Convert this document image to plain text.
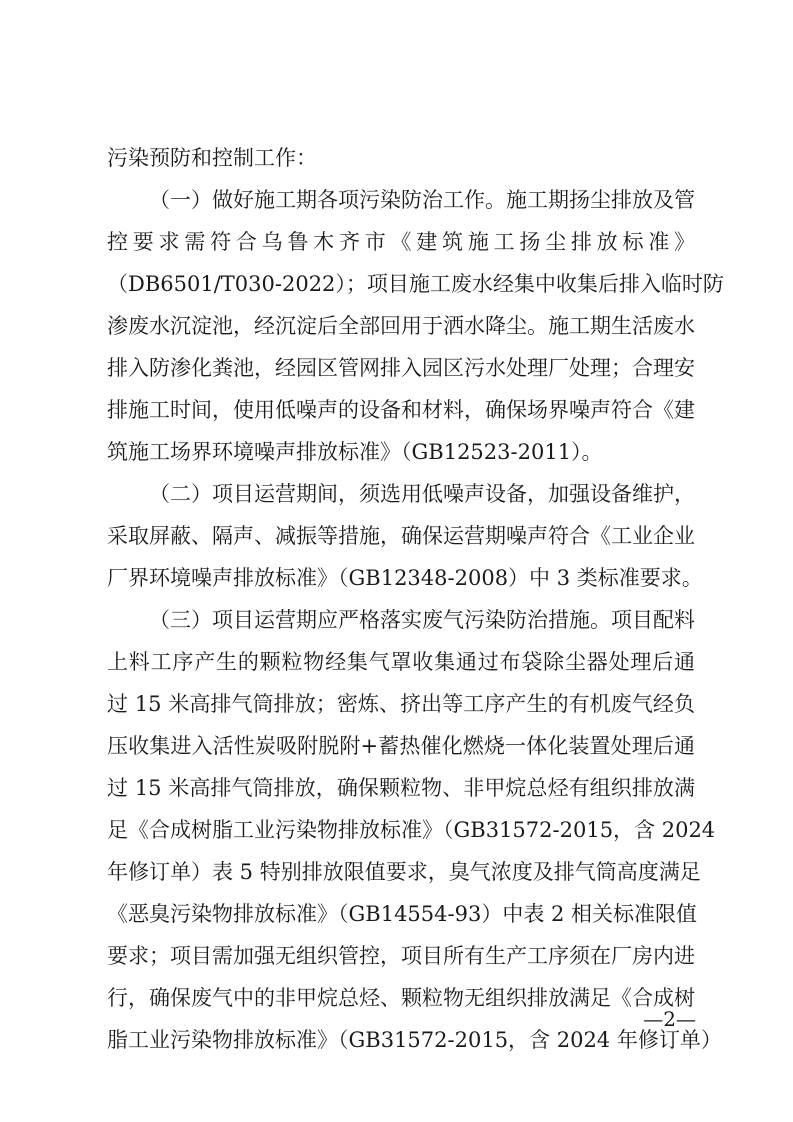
污染预防和控制工作：
（一）做好施工期各项污染防治工作。施工期扬尘排放及管
控要求需符合乌鲁木齐市《建筑施工扬尘排放标准》
（DB6501/T030-2022）；项目施工废水经集中收集后排入临时防
渗废水沉淀池，经沉淀后全部回用于洒水降尘。施工期生活废水
排入防渗化粪池，经园区管网排入园区污水处理厂处理；合理安
排施工时间，使用低噪声的设备和材料，确保场界噪声符合《建
筑施工场界环境噪声排放标准》（GB12523-2011）。
（二）项目运营期间，须选用低噪声设备，加强设备维护，
采取屏蔽、隔声、减振等措施，确保运营期噪声符合《工业企业
厂界环境噪声排放标准》（GB12348-2008）中 3 类标准要求。
（三）项目运营期应严格落实废气污染防治措施。项目配料
上料工序产生的颗粒物经集气罩收集通过布袋除尘器处理后通
过 15 米高排气筒排放；密炼、挤出等工序产生的有机废气经负
压收集进入活性炭吸附脱附+蓄热催化燃烧一体化装置处理后通
过 15 米高排气筒排放，确保颗粒物、非甲烷总烃有组织排放满
足《合成树脂工业污染物排放标准》（GB31572-2015，含 2024
年修订单）表 5 特别排放限值要求，臭气浓度及排气筒高度满足
《恶臭污染物排放标准》（GB14554-93）中表 2 相关标准限值
要求；项目需加强无组织管控，项目所有生产工序须在厂房内进
行，确保废气中的非甲烷总烃、颗粒物无组织排放满足《合成树
脂工业污染物排放标准》（GB31572-2015，含 2024 年修订单）
—2—
